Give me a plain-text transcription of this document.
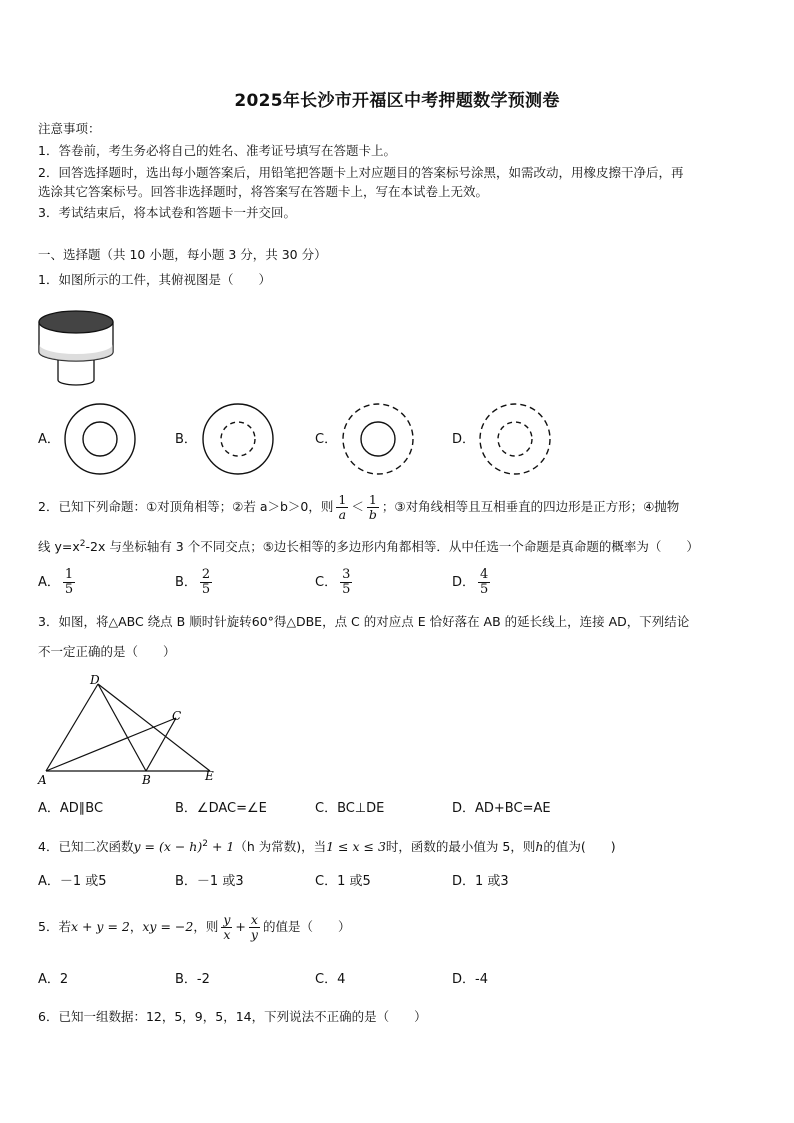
2025年长沙市开福区中考押题数学预测卷
注意事项：
1．答卷前，考生务必将自己的姓名、准考证号填写在答题卡上。
2．回答选择题时，选出每小题答案后，用铅笔把答题卡上对应题目的答案标号涂黑，如需改动，用橡皮擦干净后，再
选涂其它答案标号。回答非选择题时，将答案写在答题卡上，写在本试卷上无效。
3．考试结束后，将本试卷和答题卡一并交回。
一、选择题（共 10 小题，每小题 3 分，共 30 分）
1．如图所示的工件，其俯视图是（　　）
A．	B．	C．	D．
2．已知下列命题：①对顶角相等；②若 a＞b＞0，则 $\frac{1}{a} < \frac{1}{b}$ ；③对角线相等且互相垂直的四边形是正方形；④抛物
线 $y=x^2-2x$ 与坐标轴有 3 个不同交点；⑤边长相等的多边形内角都相等．从中任选一个命题是真命题的概率为（　　）
A． $\frac{1}{5}$	B． $\frac{2}{5}$	C． $\frac{3}{5}$	D． $\frac{4}{5}$
3．如图，将△ABC 绕点 B 顺时针旋转60°得△DBE，点 C 的对应点 E 恰好落在 AB 的延长线上，连接 AD，下列结论
不一定正确的是（　　）
D
C
A	B	E
A．AD∥BC	B．∠DAC=∠E	C．BC⊥DE	D．AD+BC=AE
4．已知二次函数$y = (x - h)^2 + 1(h$ 为常数)，当1 ≤ x ≤ 3时，函数的最小值为 5，则h的值为(　　)
A．－1 或5	B．－1 或3	C．1 或5	D．1 或3
5．若x + y = 2，xy = −2，则 $\frac{y}{x} + \frac{x}{y}$ 的值是（　　）
A．2	B．-2	C．4	D．-4
6．已知一组数据：12，5，9，5，14，下列说法不正确的是（　　）
